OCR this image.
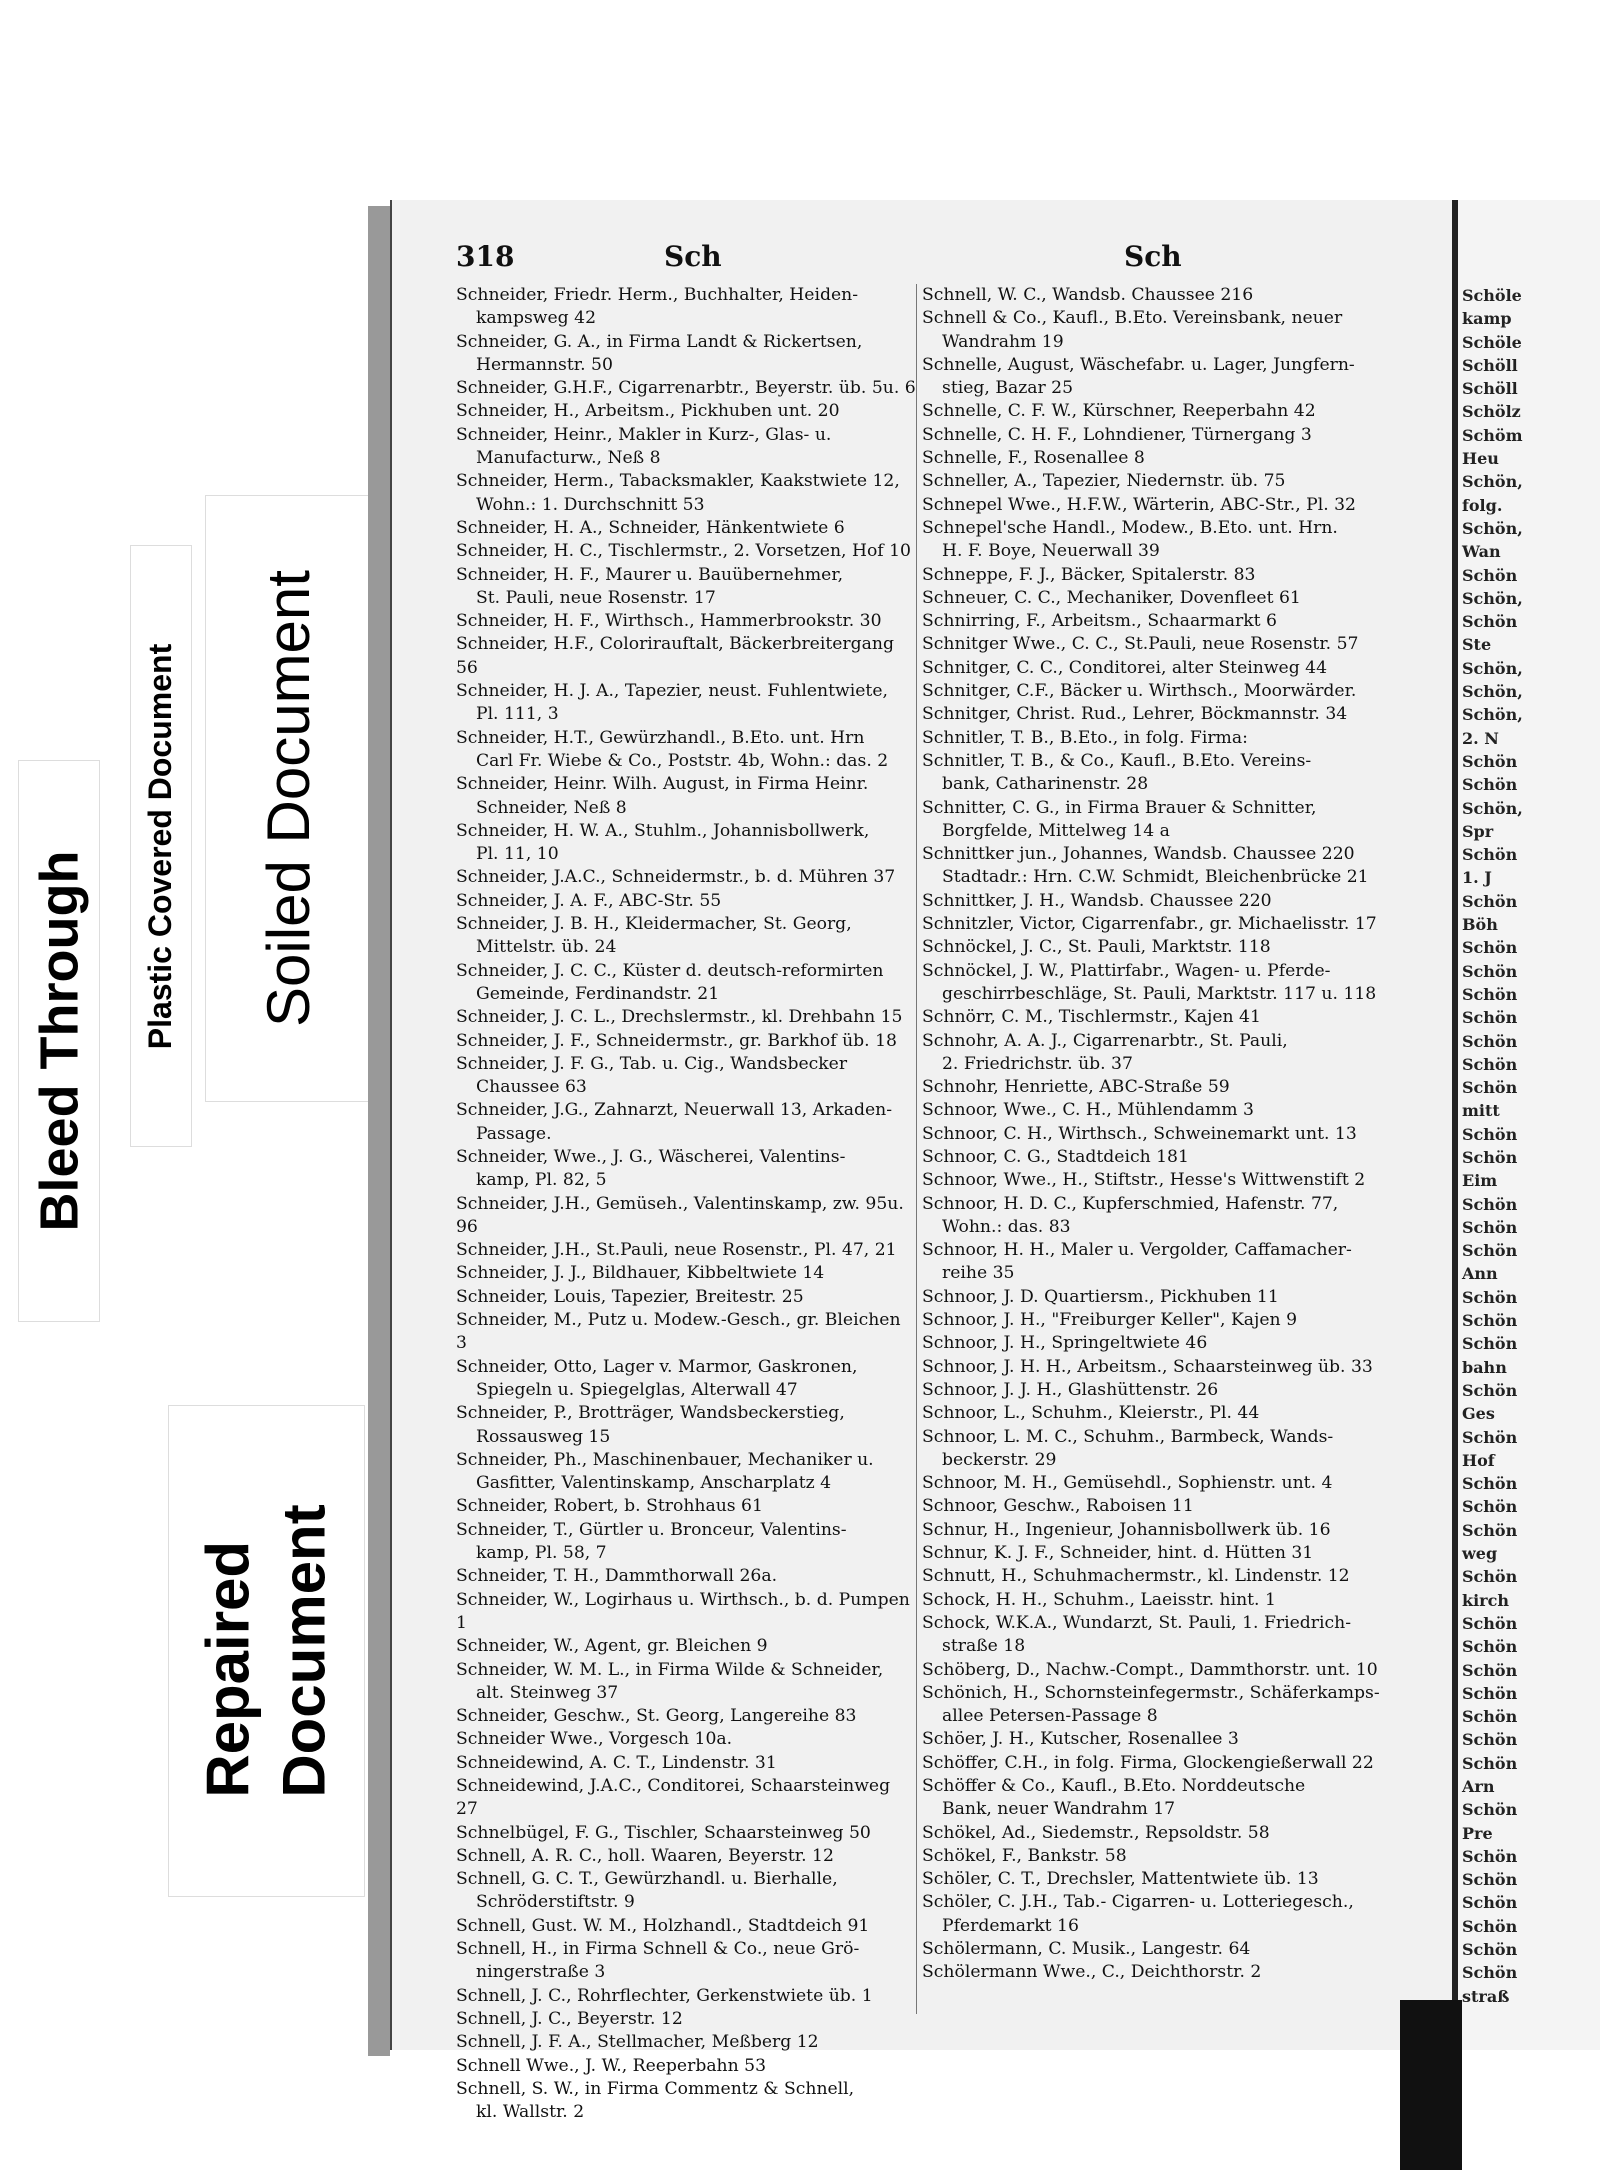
Bleed Through Plastic Covered Document Soiled Document
Repaired Document
318	Sch	Sch
Schneider, Friedr. Herm., Buchhalter, Heiden-
kampsweg 42
Schneider, G. A., in Firma Landt & Rickertsen,
Hermannstr. 50
Schneider, G.H.F., Cigarrenarbtr., Beyerstr. üb. 5u. 6
Schneider, H., Arbeitsm., Pickhuben unt. 20
Schneider, Heinr., Makler in Kurz-, Glas- u.
Manufacturw., Neß 8
Schneider, Herm., Tabacksmakler, Kaakstwiete 12,
Wohn.: 1. Durchschnitt 53
Schneider, H. A., Schneider, Hänkentwiete 6
Schneider, H. C., Tischlermstr., 2. Vorsetzen, Hof 10
Schneider, H. F., Maurer u. Bauübernehmer,
St. Pauli, neue Rosenstr. 17
Schneider, H. F., Wirthsch., Hammerbrookstr. 30
Schneider, H.F., Colorirauftalt, Bäckerbreitergang 56
Schneider, H. J. A., Tapezier, neust. Fuhlentwiete,
Pl. 111, 3
Schneider, H.T., Gewürzhandl., B.Eto. unt. Hrn
Carl Fr. Wiebe & Co., Poststr. 4b, Wohn.: das. 2
Schneider, Heinr. Wilh. August, in Firma Heinr.
Schneider, Neß 8
Schneider, H. W. A., Stuhlm., Johannisbollwerk,
Pl. 11, 10
Schneider, J.A.C., Schneidermstr., b. d. Mühren 37
Schneider, J. A. F., ABC-Str. 55
Schneider, J. B. H., Kleidermacher, St. Georg,
Mittelstr. üb. 24
Schneider, J. C. C., Küster d. deutsch-reformirten
Gemeinde, Ferdinandstr. 21
Schneider, J. C. L., Drechslermstr., kl. Drehbahn 15
Schneider, J. F., Schneidermstr., gr. Barkhof üb. 18
Schneider, J. F. G., Tab. u. Cig., Wandsbecker
Chaussee 63
Schneider, J.G., Zahnarzt, Neuerwall 13, Arkaden-
Passage.
Schneider, Wwe., J. G., Wäscherei, Valentins-
kamp, Pl. 82, 5
Schneider, J.H., Gemüseh., Valentinskamp, zw. 95u. 96
Schneider, J.H., St.Pauli, neue Rosenstr., Pl. 47, 21
Schneider, J. J., Bildhauer, Kibbeltwiete 14
Schneider, Louis, Tapezier, Breitestr. 25
Schneider, M., Putz u. Modew.-Gesch., gr. Bleichen 3
Schneider, Otto, Lager v. Marmor, Gaskronen,
Spiegeln u. Spiegelglas, Alterwall 47
Schneider, P., Brotträger, Wandsbeckerstieg,
Rossausweg 15
Schneider, Ph., Maschinenbauer, Mechaniker u.
Gasfitter, Valentinskamp, Anscharplatz 4
Schneider, Robert, b. Strohhaus 61
Schneider, T., Gürtler u. Bronceur, Valentins-
kamp, Pl. 58, 7
Schneider, T. H., Dammthorwall 26a.
Schneider, W., Logirhaus u. Wirthsch., b. d. Pumpen 1
Schneider, W., Agent, gr. Bleichen 9
Schneider, W. M. L., in Firma Wilde & Schneider,
alt. Steinweg 37
Schneider, Geschw., St. Georg, Langereihe 83
Schneider Wwe., Vorgesch 10a.
Schneidewind, A. C. T., Lindenstr. 31
Schneidewind, J.A.C., Conditorei, Schaarsteinweg 27
Schnelbügel, F. G., Tischler, Schaarsteinweg 50
Schnell, A. R. C., holl. Waaren, Beyerstr. 12
Schnell, G. C. T., Gewürzhandl. u. Bierhalle,
Schröderstiftstr. 9
Schnell, Gust. W. M., Holzhandl., Stadtdeich 91
Schnell, H., in Firma Schnell & Co., neue Grö-
ningerstraße 3
Schnell, J. C., Rohrflechter, Gerkenstwiete üb. 1
Schnell, J. C., Beyerstr. 12
Schnell, J. F. A., Stellmacher, Meßberg 12
Schnell Wwe., J. W., Reeperbahn 53
Schnell, S. W., in Firma Commentz & Schnell,
kl. Wallstr. 2
Schnell, W. C., Wandsb. Chaussee 216
Schnell & Co., Kaufl., B.Eto. Vereinsbank, neuer
Wandrahm 19
Schnelle, August, Wäschefabr. u. Lager, Jungfern-
stieg, Bazar 25
Schnelle, C. F. W., Kürschner, Reeperbahn 42
Schnelle, C. H. F., Lohndiener, Türnergang 3
Schnelle, F., Rosenallee 8
Schneller, A., Tapezier, Niedernstr. üb. 75
Schnepel Wwe., H.F.W., Wärterin, ABC-Str., Pl. 32
Schnepel'sche Handl., Modew., B.Eto. unt. Hrn.
H. F. Boye, Neuerwall 39
Schneppe, F. J., Bäcker, Spitalerstr. 83
Schneuer, C. C., Mechaniker, Dovenfleet 61
Schnirring, F., Arbeitsm., Schaarmarkt 6
Schnitger Wwe., C. C., St.Pauli, neue Rosenstr. 57
Schnitger, C. C., Conditorei, alter Steinweg 44
Schnitger, C.F., Bäcker u. Wirthsch., Moorwärder.
Schnitger, Christ. Rud., Lehrer, Böckmannstr. 34
Schnitler, T. B., B.Eto., in folg. Firma:
Schnitler, T. B., & Co., Kaufl., B.Eto. Vereins-
bank, Catharinenstr. 28
Schnitter, C. G., in Firma Brauer & Schnitter,
Borgfelde, Mittelweg 14 a
Schnittker jun., Johannes, Wandsb. Chaussee 220
Stadtadr.: Hrn. C.W. Schmidt, Bleichenbrücke 21
Schnittker, J. H., Wandsb. Chaussee 220
Schnitzler, Victor, Cigarrenfabr., gr. Michaelisstr. 17
Schnöckel, J. C., St. Pauli, Marktstr. 118
Schnöckel, J. W., Plattirfabr., Wagen- u. Pferde-
geschirrbeschläge, St. Pauli, Marktstr. 117 u. 118
Schnörr, C. M., Tischlermstr., Kajen 41
Schnohr, A. A. J., Cigarrenarbtr., St. Pauli,
2. Friedrichstr. üb. 37
Schnohr, Henriette, ABC-Straße 59
Schnoor, Wwe., C. H., Mühlendamm 3
Schnoor, C. H., Wirthsch., Schweinemarkt unt. 13
Schnoor, C. G., Stadtdeich 181
Schnoor, Wwe., H., Stiftstr., Hesse's Wittwenstift 2
Schnoor, H. D. C., Kupferschmied, Hafenstr. 77,
Wohn.: das. 83
Schnoor, H. H., Maler u. Vergolder, Caffamacher-
reihe 35
Schnoor, J. D. Quartiersm., Pickhuben 11
Schnoor, J. H., "Freiburger Keller", Kajen 9
Schnoor, J. H., Springeltwiete 46
Schnoor, J. H. H., Arbeitsm., Schaarsteinweg üb. 33
Schnoor, J. J. H., Glashüttenstr. 26
Schnoor, L., Schuhm., Kleierstr., Pl. 44
Schnoor, L. M. C., Schuhm., Barmbeck, Wands-
beckerstr. 29
Schnoor, M. H., Gemüsehdl., Sophienstr. unt. 4
Schnoor, Geschw., Raboisen 11
Schnur, H., Ingenieur, Johannisbollwerk üb. 16
Schnur, K. J. F., Schneider, hint. d. Hütten 31
Schnutt, H., Schuhmachermstr., kl. Lindenstr. 12
Schock, H. H., Schuhm., Laeisstr. hint. 1
Schock, W.K.A., Wundarzt, St. Pauli, 1. Friedrich-
straße 18
Schöberg, D., Nachw.-Compt., Dammthorstr. unt. 10
Schönich, H., Schornsteinfegermstr., Schäferkamps-
allee Petersen-Passage 8
Schöer, J. H., Kutscher, Rosenallee 3
Schöffer, C.H., in folg. Firma, Glockengießerwall 22
Schöffer & Co., Kaufl., B.Eto. Norddeutsche
Bank, neuer Wandrahm 17
Schökel, Ad., Siedemstr., Repsoldstr. 58
Schökel, F., Bankstr. 58
Schöler, C. T., Drechsler, Mattentwiete üb. 13
Schöler, C. J.H., Tab.- Cigarren- u. Lotteriegesch.,
Pferdemarkt 16
Schölermann, C. Musik., Langestr. 64
Schölermann Wwe., C., Deichthorstr. 2
Schöle
kamp
Schöle
Schöll
Schöll
Schölz
Schöm
Heu
Schön,
folg.
Schön,
Wan
Schön
Schön,
Schön
Ste
Schön,
Schön,
Schön,
2. N
Schön
Schön
Schön,
Spr
Schön
1. J
Schön
Böh
Schön
Schön
Schön
Schön
Schön
Schön
Schön
mitt
Schön
Schön
Eim
Schön
Schön
Schön
Ann
Schön
Schön
Schön
bahn
Schön
Ges
Schön
Hof
Schön
Schön
Schön
weg
Schön
kirch
Schön
Schön
Schön
Schön
Schön
Schön
Schön
Arn
Schön
Pre
Schön
Schön
Schön
Schön
Schön
Schön
straß
